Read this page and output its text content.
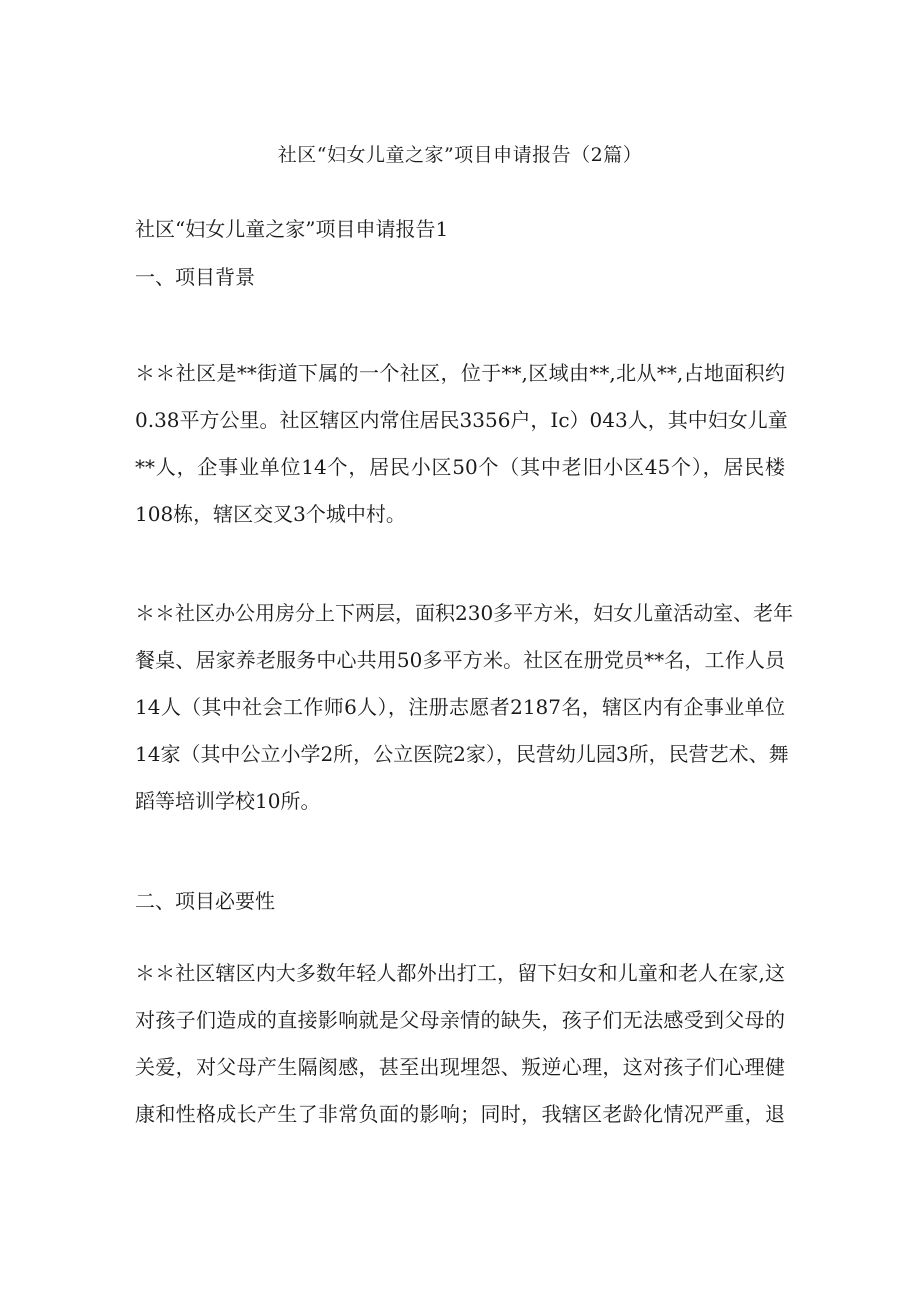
社区“妇女儿童之家”项目申请报告（2篇）
社区“妇女儿童之家”项目申请报告1
一、项目背景

＊＊社区是**街道下属的一个社区，位于**,区域由**,北从**,占地面积约
0.38平方公里。社区辖区内常住居民3356户，Ic）043人，其中妇女儿童
**人，企事业单位14个，居民小区50个（其中老旧小区45个），居民楼
108栋，辖区交叉3个城中村。

＊＊社区办公用房分上下两层，面积230多平方米，妇女儿童活动室、老年
餐桌、居家养老服务中心共用50多平方米。社区在册党员**名，工作人员
14人（其中社会工作师6人），注册志愿者2187名，辖区内有企事业单位
14家（其中公立小学2所，公立医院2家），民营幼儿园3所，民营艺术、舞
蹈等培训学校10所。

二、项目必要性

＊＊社区辖区内大多数年轻人都外出打工，留下妇女和儿童和老人在家,这
对孩子们造成的直接影响就是父母亲情的缺失，孩子们无法感受到父母的
关爱，对父母产生隔阂感，甚至出现埋怨、叛逆心理，这对孩子们心理健
康和性格成长产生了非常负面的影响；同时，我辖区老龄化情况严重，退
